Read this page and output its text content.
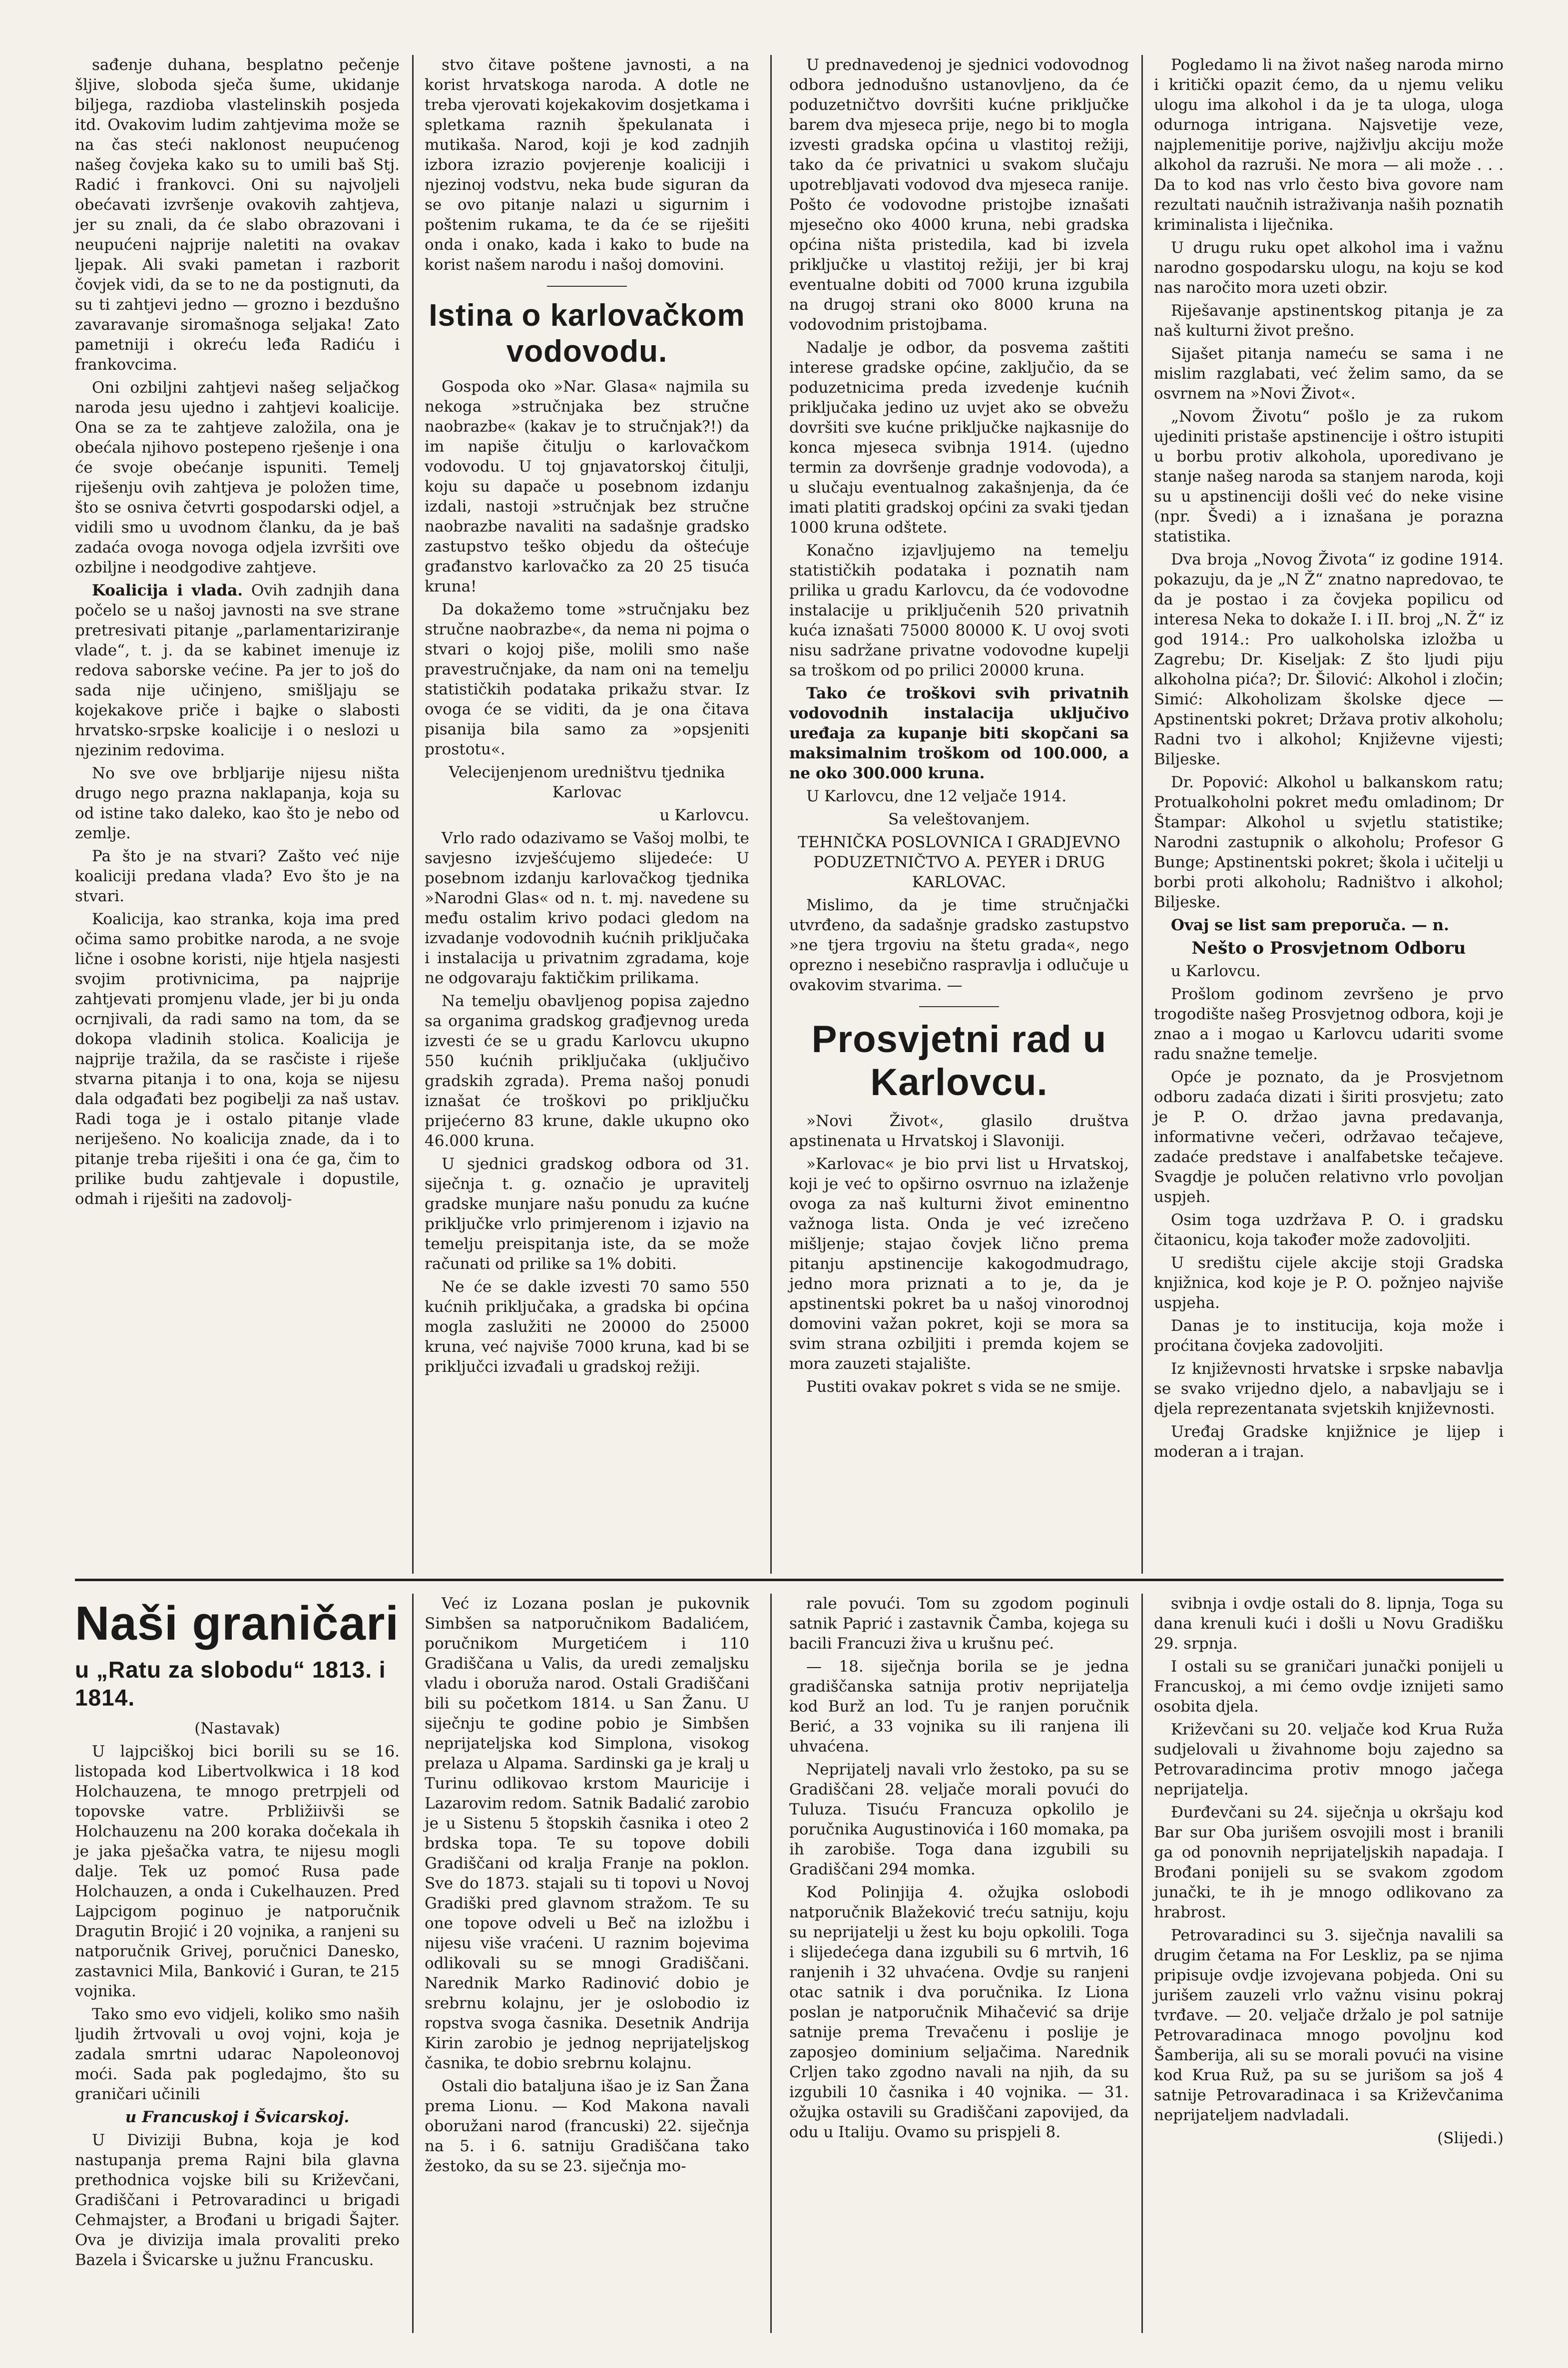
sađenje duhana, besplatno pečenje šljive, sloboda sječa šume, ukidanje biljega, razdioba vlastelinskih posjeda itd. Ovakovim ludim zahtjevima može se na čas steći naklonost neupućenog našeg čovjeka kako su to umili baš Stj. Radić i frankovci. Oni su najvoljeli obećavati izvršenje ovakovih zahtjeva, jer su znali, da će slabo obrazovani i neupućeni najprije naletiti na ovakav ljepak. Ali svaki pametan i razborit čovjek vidi, da se to ne da postignuti, da su ti zahtjevi jedno — grozno i bezdušno zavaravanje siromašnoga seljaka! Zato pametniji i okreću leđa Radiću i frankovcima.

Oni ozbiljni zahtjevi našeg seljačkog naroda jesu ujedno i zahtjevi koalicije. Ona se za te zahtjeve založila, ona je obećala njihovo postepeno rješenje i ona će svoje obećanje ispuniti. Temelj riješenju ovih zahtjeva je položen time, što se osniva četvrti gospodarski odjel, a vidili smo u uvodnom članku, da je baš zadaća ovoga novoga odjela izvršiti ove ozbiljne i neodgodive zahtjeve.

Koalicija i vlada. Ovih zadnjih dana počelo se u našoj javnosti na sve strane pretresivati pitanje „parlamentariziranje vlade“, t. j. da se kabinet imenuje iz redova saborske većine. Pa jer to još do sada nije učinjeno, smišljaju se kojekakove priče i bajke o slabosti hrvatsko-srpske koalicije i o neslozi u njezinim redovima.

No sve ove brbljarije nijesu ništa drugo nego prazna naklapanja, koja su od istine tako daleko, kao što je nebo od zemlje.

Pa što je na stvari? Zašto već nije koaliciji predana vlada? Evo što je na stvari.

Koalicija, kao stranka, koja ima pred očima samo probitke naroda, a ne svoje lične i osobne koristi, nije htjela nasjesti svojim protivnicima, pa najprije zahtjevati promjenu vlade, jer bi ju onda ocrnjivali, da radi samo na tom, da se dokopa vladinih stolica. Koalicija je najprije tražila, da se rasčiste i riješe stvarna pitanja i to ona, koja se nijesu dala odgađati bez pogibelji za naš ustav. Radi toga je i ostalo pitanje vlade neriješeno. No koalicija znade, da i to pitanje treba riješiti i ona će ga, čim to prilike budu zahtjevale i dopustile, odmah i riješiti na zadovolj-

stvo čitave poštene javnosti, a na korist hrvatskoga naroda. A dotle ne treba vjerovati kojekakovim dosjetkama i spletkama raznih špekulanata i mutikaša. Narod, koji je kod zadnjih izbora izrazio povjerenje koaliciji i njezinoj vodstvu, neka bude siguran da se ovo pitanje nalazi u sigurnim i poštenim rukama, te da će se riješiti onda i onako, kada i kako to bude na korist našem narodu i našoj domovini.

Istina o karlovačkom vodovodu.

Gospoda oko »Nar. Glasa« najmila su nekoga »stručnjaka bez stručne naobrazbe« (kakav je to stručnjak?!) da im napiše čitulju o karlovačkom vodovodu. U toj gnjavatorskoj čitulji, koju su dapače u posebnom izdanju izdali, nastoji »stručnjak bez stručne naobrazbe navaliti na sadašnje gradsko zastupstvo teško objedu da oštećuje građanstvo karlovačko za 20 25 tisuća kruna!

Da dokažemo tome »stručnjaku bez stručne naobrazbe«, da nema ni pojma o stvari o kojoj piše, molili smo naše pravestručnjake, da nam oni na temelju statističkih podataka prikažu stvar. Iz ovoga će se viditi, da je ona čitava pisanija bila samo za »opsjeniti prostotu«.

Velecijenjenom uredništvu tjednika Karlovac

u Karlovcu.

Vrlo rado odazivamo se Vašoj molbi, te savjesno izvješćujemo slijedeće: U posebnom izdanju karlovačkog tjednika »Narodni Glas« od n. t. mj. navedene su među ostalim krivo podaci gledom na izvadanje vodovodnih kućnih priključaka i instalacija u privatnim zgradama, koje ne odgovaraju faktičkim prilikama.

Na temelju obavljenog popisa zajedno sa organima gradskog građjevnog ureda izvesti će se u gradu Karlovcu ukupno 550 kućnih priključaka (uključivo gradskih zgrada). Prema našoj ponudi iznašat će troškovi po priključku prijećerno 83 krune, dakle ukupno oko 46.000 kruna.

U sjednici gradskog odbora od 31. siječnja t. g. označio je upravitelj gradske munjare našu ponudu za kućne priključke vrlo primjerenom i izjavio na temelju preispitanja iste, da se može računati od prilike sa 1% dobiti.

Ne će se dakle izvesti 70 samo 550 kućnih priključaka, a gradska bi općina mogla zaslužiti ne 20000 do 25000 kruna, već najviše 7000 kruna, kad bi se priključci izvađali u gradskoj režiji.

U prednavedenoj je sjednici vodovodnog odbora jednodušno ustanovljeno, da će poduzetničtvo dovršiti kućne priključke barem dva mjeseca prije, nego bi to mogla izvesti gradska općina u vlastitoj režiji, tako da će privatnici u svakom slučaju upotrebljavati vodovod dva mjeseca ranije. Pošto će vodovodne pristojbe iznašati mjesečno oko 4000 kruna, nebi gradska općina ništa pristedila, kad bi izvela priključke u vlastitoj režiji, jer bi kraj eventualne dobiti od 7000 kruna izgubila na drugoj strani oko 8000 kruna na vodovodnim pristojbama.

Nadalje je odbor, da posvema zaštiti interese gradske općine, zaključio, da se poduzetnicima preda izvedenje kućnih priključaka jedino uz uvjet ako se obvežu dovršiti sve kućne priključke najkasnije do konca mjeseca svibnja 1914. (ujedno termin za dovršenje gradnje vodovoda), a u slučaju eventualnog zakašnjenja, da će imati platiti gradskoj općini za svaki tjedan 1000 kruna odštete.

Konačno izjavljujemo na temelju statističkih podataka i poznatih nam prilika u gradu Karlovcu, da će vodovodne instalacije u priključenih 520 privatnih kuća iznašati 75000 80000 K. U ovoj svoti nisu sadržane privatne vodovodne kupelji sa troškom od po prilici 20000 kruna.

Tako će troškovi svih privatnih vodovodnih instalacija uključivo uređaja za kupanje biti skopčani sa maksimalnim troškom od 100.000, a ne oko 300.000 kruna.

U Karlovcu, dne 12 veljače 1914.

Sa veleštovanjem.

TEHNIČKA POSLOVNICA I GRADJEVNO PODUZETNIČTVO A. PEYER i DRUG KARLOVAC.

Mislimo, da je time stručnjački utvrđeno, da sadašnje gradsko zastupstvo »ne tjera trgoviu na štetu grada«, nego oprezno i nesebično raspravlja i odlučuje u ovakovim stvarima. —

Prosvjetni rad u Karlovcu.

»Novi Život«, glasilo društva apstinenata u Hrvatskoj i Slavoniji.

»Karlovac« je bio prvi list u Hrvatskoj, koji je već to opširno osvrnuo na izlaženje ovoga za naš kulturni život eminentno važnoga lista. Onda je već izrečeno mišljenje; stajao čovjek lično prema pitanju apstinencije kakogodmudrago, jedno mora priznati a to je, da je apstinentski pokret ba u našoj vinorodnoj domovini važan pokret, koji se mora sa svim strana ozbiljiti i premda kojem se mora zauzeti stajalište.

Pustiti ovakav pokret s vida se ne smije.

Pogledamo li na život našeg naroda mirno i kritički opazit ćemo, da u njemu veliku ulogu ima alkohol i da je ta uloga, uloga odurnoga intrigana. Najsvetije veze, najplemenitije porive, najživlju akciju može alkohol da razruši. Ne mora — ali može . . . Da to kod nas vrlo često biva govore nam rezultati naučnih istraživanja naših poznatih kriminalista i liječnika.

U drugu ruku opet alkohol ima i važnu narodno gospodarsku ulogu, na koju se kod nas naročito mora uzeti obzir.

Riješavanje apstinentskog pitanja je za naš kulturni život prešno.

Sijašet pitanja nameću se sama i ne mislim razglabati, već želim samo, da se osvrnem na »Novi Život«.

„Novom Životu“ pošlo je za rukom ujediniti pristaše apstinencije i oštro istupiti u borbu protiv alkohola, uporedivano je stanje našeg naroda sa stanjem naroda, koji su u apstinenciji došli već do neke visine (npr. Švedi) a i iznašana je porazna statistika.

Dva broja „Novog Života“ iz godine 1914. pokazuju, da je „N Ž“ znatno napredovao, te da je postao i za čovjeka popilicu od interesa Neka to dokaže I. i II. broj „N. Ž“ iz god 1914.: Pro ualkoholska izložba u Zagrebu; Dr. Kiseljak: Z što ljudi piju alkoholna pića?; Dr. Šilović: Alkohol i zločin; Simić: Alkoholizam školske djece — Apstinentski pokret; Država protiv alkoholu; Radni tvo i alkohol; Književne vijesti; Biljeske.

Dr. Popović: Alkohol u balkanskom ratu; Protualkoholni pokret među omladinom; Dr Štampar: Alkohol u svjetlu statistike; Narodni zastupnik o alkoholu; Profesor G Bunge; Apstinentski pokret; škola i učitelji u borbi proti alkoholu; Radništvo i alkohol; Biljeske.

Ovaj se list sam preporuča. — n.

Nešto o Prosvjetnom Odboru

u Karlovcu.

Prošlom godinom zevršeno je prvo trogodište našeg Prosvjetnog odbora, koji je znao a i mogao u Karlovcu udariti svome radu snažne temelje.

Opće je poznato, da je Prosvjetnom odboru zadaća dizati i širiti prosvjetu; zato je P. O. držao javna predavanja, informativne večeri, održavao tečajeve, zadaće predstave i analfabetske tečajeve. Svagdje je polučen relativno vrlo povoljan uspjeh.

Osim toga uzdržava P. O. i gradsku čitaonicu, koja također može zadovoljiti.

U središtu cijele akcije stoji Gradska knjižnica, kod koje je P. O. požnjeo najviše uspjeha.

Danas je to institucija, koja može i proćitana čovjeka zadovoljiti.

Iz književnosti hrvatske i srpske nabavlja se svako vrijedno djelo, a nabavljaju se i djela reprezentanata svjetskih književnosti.

Uređaj Gradske knjižnice je lijep i moderan a i trajan.

Naši graničari
u „Ratu za slobodu“ 1813. i 1814.

(Nastavak)

U lajpciškoj bici borili su se 16. listopada kod Libertvolkwica i 18 kod Holchauzena, te mnogo pretrpjeli od topovske vatre. Prbližiivši se Holchauzenu na 200 koraka dočekala ih je jaka pješačka vatra, te nijesu mogli dalje. Tek uz pomoć Rusa pade Holchauzen, a onda i Cukelhauzen. Pred Lajpcigom poginuo je natporučnik Dragutin Brojić i 20 vojnika, a ranjeni su natporučnik Grivej, poručnici Danesko, zastavnici Mila, Banković i Guran, te 215 vojnika.

Tako smo evo vidjeli, koliko smo naših ljudih žrtvovali u ovoj vojni, koja je zadala smrtni udarac Napoleonovoj moći. Sada pak pogledajmo, što su graničari učinili

u Francuskoj i Švicarskoj.

U Diviziji Bubna, koja je kod nastupanja prema Rajni bila glavna prethodnica vojske bili su Križevčani, Gradiščani i Petrovaradinci u brigadi Cehmajster, a Brođani u brigadi Šajter. Ova je divizija imala provaliti preko Bazela i Švicarske u južnu Francusku.

Već iz Lozana poslan je pukovnik Simbšen sa natporučnikom Badalićem, poručnikom Murgetićem i 110 Gradiščana u Valis, da uredi zemaljsku vladu i oboruža narod. Ostali Gradiščani bili su početkom 1814. u San Žanu. U siječnju te godine pobio je Simbšen neprijateljska kod Simplona, visokog prelaza u Alpama. Sardinski ga je kralj u Turinu odlikovao krstom Mauricije i Lazarovim redom. Satnik Badalić zarobio je u Sistenu 5 štopskih časnika i oteo 2 brdska topa. Te su topove dobili Gradiščani od kralja Franje na poklon. Sve do 1873. stajali su ti topovi u Novoj Gradiški pred glavnom stražom. Te su one topove odveli u Beč na izložbu i nijesu više vraćeni. U raznim bojevima odlikovali su se mnogi Gradiščani. Narednik Marko Radinović dobio je srebrnu kolajnu, jer je oslobodio iz ropstva svoga časnika. Desetnik Andrija Kirin zarobio je jednog neprijateljskog časnika, te dobio srebrnu kolajnu.

Ostali dio bataljuna išao je iz San Žana prema Lionu. — Kod Makona navali oboružani narod (francuski) 22. siječnja na 5. i 6. satniju Gradiščana tako žestoko, da su se 23. siječnja mo-

rale povući. Tom su zgodom poginuli satnik Paprić i zastavnik Čamba, kojega su bacili Francuzi živa u krušnu peć.

— 18. siječnja borila se je jedna gradiščanska satnija protiv neprijatelja kod Burž an lod. Tu je ranjen poručnik Berić, a 33 vojnika su ili ranjena ili uhvaćena.

Neprijatelj navali vrlo žestoko, pa su se Gradiščani 28. veljače morali povući do Tuluza. Tisuću Francuza opkolilo je poručnika Augustinovića i 160 momaka, pa ih zarobiše. Toga dana izgubili su Gradiščani 294 momka.

Kod Polinjija 4. ožujka oslobodi natporučnik Blažeković treću satniju, koju su neprijatelji u žest ku bоju opkolili. Toga i slijedećega dana izgubili su 6 mrtvih, 16 ranjenih i 32 uhvaćena. Ovdje su ranjeni otac satnik i dva poručnika. Iz Liona poslan je natporučnik Mihačević sa drije satnije prema Trevačenu i poslije je zaposjeo dominium seljačima. Narednik Crljen tako zgodno navali na njih, da su izgubili 10 časnika i 40 vojnika. — 31. ožujka ostavili su Gradiščani zapovijed, da odu u Italiju. Ovamo su prispjeli 8.

svibnja i ovdje ostali do 8. lipnja, Toga su dana krenuli kući i došli u Novu Gradišku 29. srpnja.

I ostali su se graničari junački ponijeli u Francuskoj, a mi ćemo ovdje iznijeti samo osobita djela.

Križevčani su 20. veljače kod Krua Ruža sudjelovali u živahnome boju zajedno sa Petrovaradincima protiv mnogo jačega neprijatelja.

Đurđevčani su 24. siječnja u okršaju kod Bar sur Oba jurišem osvojili most i branili ga od ponovnih neprijateljskih napadaja. I Brođani ponijeli su se svakom zgodom junački, te ih je mnogo odlikovano za hrabrost.

Petrovaradinci su 3. siječnja navalili sa drugim četama na For Leskliz, pa se njima pripisuje ovdje izvojevana pobjeda. Oni su jurišem zauzeli vrlo važnu visinu pokraj tvrđave. — 20. veljače držalo je pol satnije Petrovaradinaca mnogo povoljnu kod Šamberija, ali su se morali povući na visine kod Krua Ruž, pa su se jurišom sa još 4 satnije Petrovaradinaca i sa Križevčanima neprijateljem nadvladali.

(Slijedi.)
